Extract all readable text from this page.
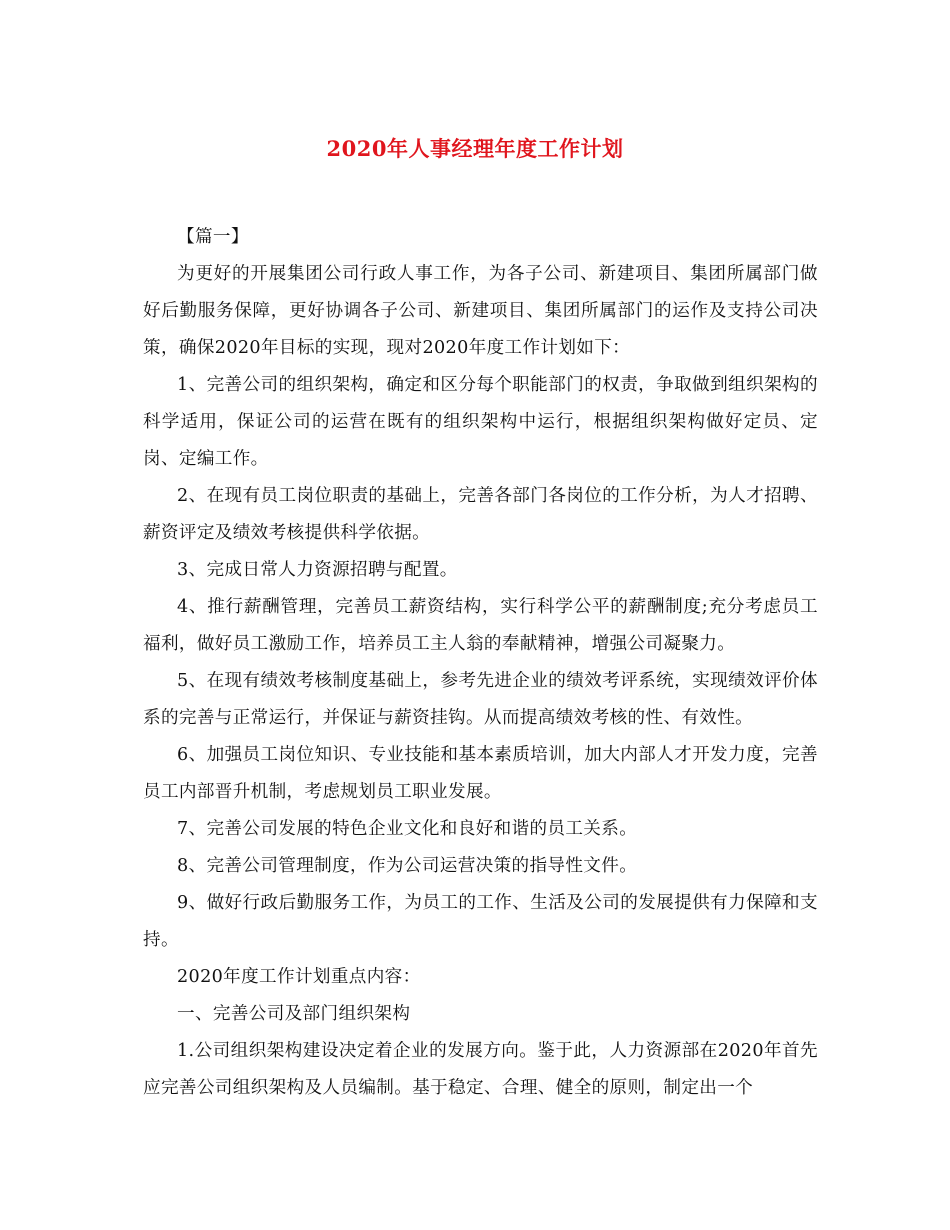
2020年人事经理年度工作计划

【篇一】

为更好的开展集团公司行政人事工作，为各子公司、新建项目、集团所属部门做好后勤服务保障，更好协调各子公司、新建项目、集团所属部门的运作及支持公司决策，确保2020年目标的实现，现对2020年度工作计划如下：

1、完善公司的组织架构，确定和区分每个职能部门的权责，争取做到组织架构的科学适用，保证公司的运营在既有的组织架构中运行，根据组织架构做好定员、定岗、定编工作。

2、在现有员工岗位职责的基础上，完善各部门各岗位的工作分析，为人才招聘、薪资评定及绩效考核提供科学依据。

3、完成日常人力资源招聘与配置。

4、推行薪酬管理，完善员工薪资结构，实行科学公平的薪酬制度;充分考虑员工福利，做好员工激励工作，培养员工主人翁的奉献精神，增强公司凝聚力。

5、在现有绩效考核制度基础上，参考先进企业的绩效考评系统，实现绩效评价体系的完善与正常运行，并保证与薪资挂钩。从而提高绩效考核的性、有效性。

6、加强员工岗位知识、专业技能和基本素质培训，加大内部人才开发力度，完善员工内部晋升机制，考虑规划员工职业发展。

7、完善公司发展的特色企业文化和良好和谐的员工关系。

8、完善公司管理制度，作为公司运营决策的指导性文件。

9、做好行政后勤服务工作，为员工的工作、生活及公司的发展提供有力保障和支持。

2020年度工作计划重点内容：

一、完善公司及部门组织架构

1.公司组织架构建设决定着企业的发展方向。鉴于此，人力资源部在2020年首先应完善公司组织架构及人员编制。基于稳定、合理、健全的原则，制定出一个
